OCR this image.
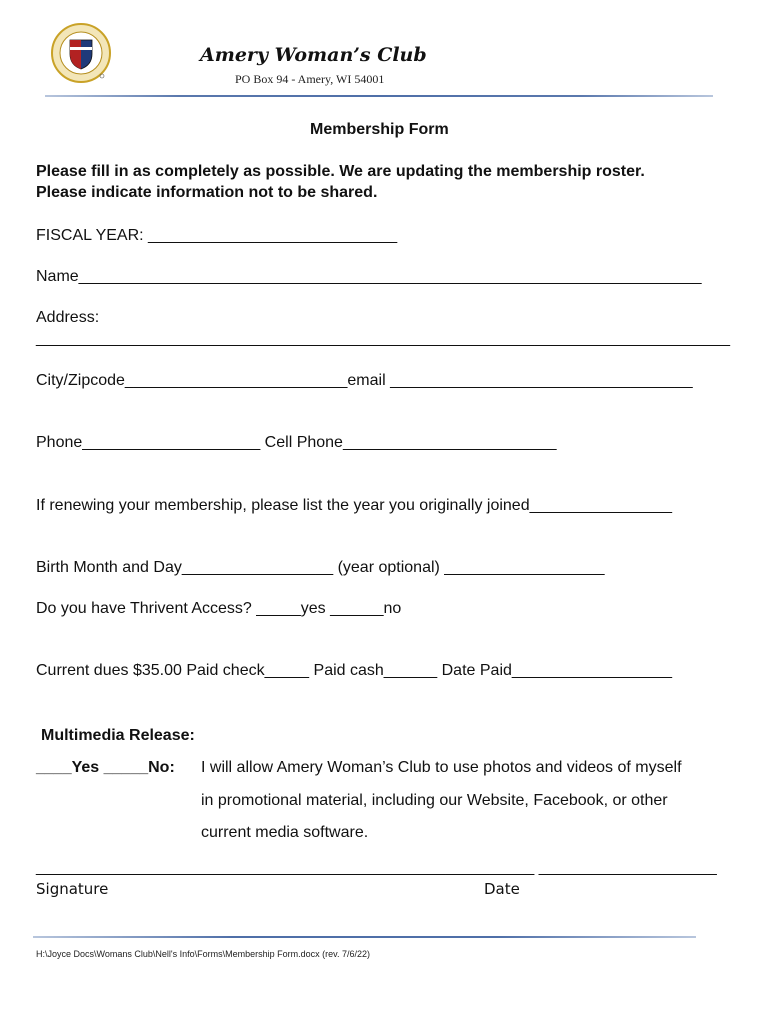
Amery Woman’s Club
PO Box 94 - Amery, WI 54001
Membership Form
Please fill in as completely as possible. We are updating the membership roster.
Please indicate information not to be shared.
FISCAL YEAR: ____________________________
Name______________________________________________________________________
Address:
______________________________________________________________________________
City/Zipcode_________________________email __________________________________
Phone____________________ Cell Phone________________________
If renewing your membership, please list the year you originally joined________________
Birth Month and Day_________________ (year optional) __________________
Do you have Thrivent Access? _____yes ______no
Current dues $35.00 Paid check_____ Paid cash______ Date Paid__________________
Multimedia Release:
____Yes _____No: I will allow Amery Woman’s Club to use photos and videos of myself
in promotional material, including our Website, Facebook, or other
current media software.
________________________________________________________ ____________________
Signature	Date
H:\Joyce Docs\Womans Club\Nell's Info\Forms\Membership Form.docx (rev. 7/6/22)
